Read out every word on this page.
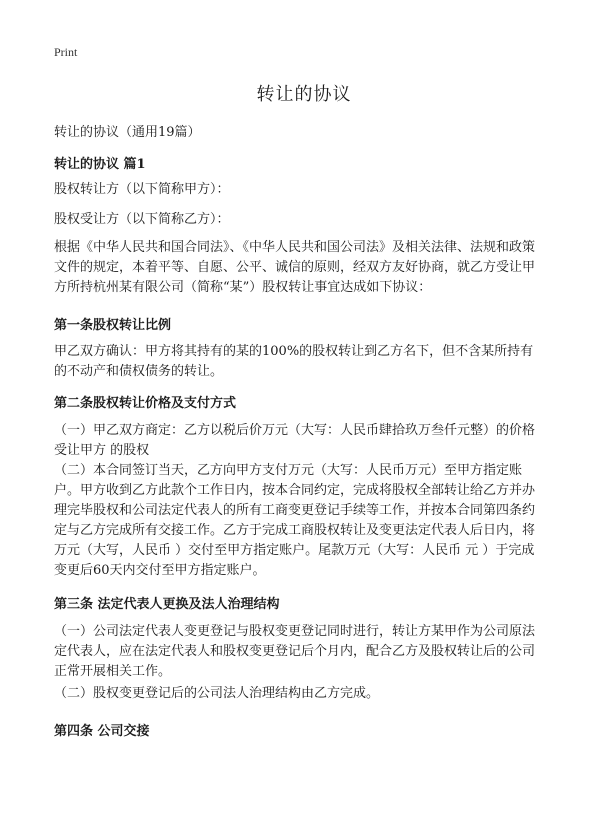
Print
转让的协议
转让的协议（通用19篇）
转让的协议 篇1

股权转让方（以下简称甲方）：

股权受让方（以下简称乙方）：

根据《中华人民共和国合同法》、《中华人民共和国公司法》及相关法律、法规和政策文件的规定，本着平等、自愿、公平、诚信的原则，经双方友好协商，就乙方受让甲方所持杭州某有限公司（简称“某”）股权转让事宜达成如下协议：

第一条股权转让比例

甲乙双方确认：甲方将其持有的某的100%的股权转让到乙方名下，但不含某所持有的不动产和债权债务的转让。

第二条股权转让价格及支付方式

（一）甲乙双方商定：乙方以税后价万元（大写：人民币肆拾玖万叁仟元整）的价格受让甲方 的股权

（二）本合同签订当天，乙方向甲方支付万元（大写：人民币万元）至甲方指定账户。甲方收到乙方此款个工作日内，按本合同约定，完成将股权全部转让给乙方并办理完毕股权和公司法定代表人的所有工商变更登记手续等工作，并按本合同第四条约定与乙方完成所有交接工作。乙方于完成工商股权转让及变更法定代表人后日内，将万元（大写，人民币 ）交付至甲方指定账户。尾款万元（大写：人民币 元 ）于完成变更后60天内交付至甲方指定账户。

第三条 法定代表人更换及法人治理结构

（一）公司法定代表人变更登记与股权变更登记同时进行，转让方某甲作为公司原法定代表人，应在法定代表人和股权变更登记后个月内，配合乙方及股权转让后的公司正常开展相关工作。

（二）股权变更登记后的公司法人治理结构由乙方完成。

第四条 公司交接
